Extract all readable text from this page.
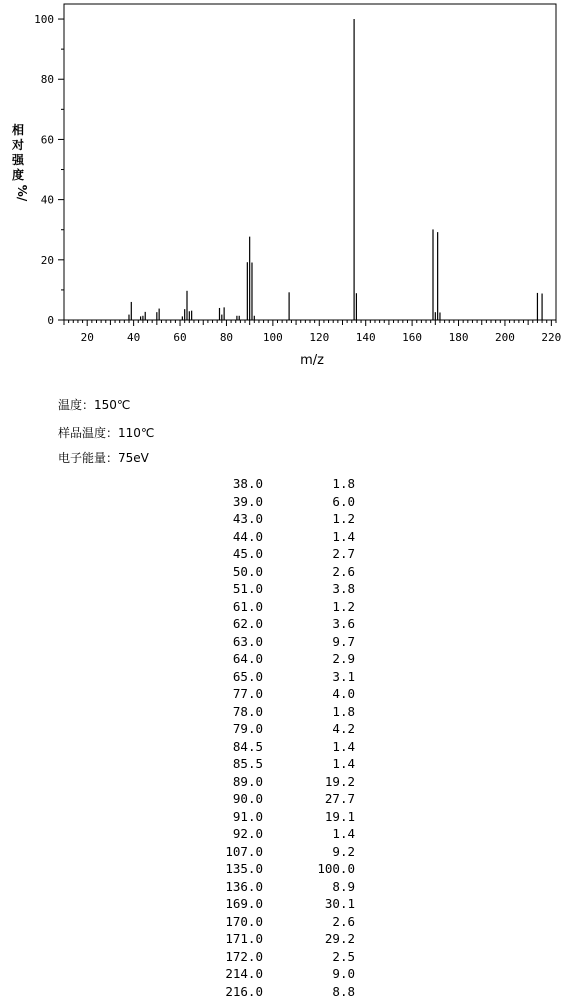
相
对
强
度
%/
0
20
40
60
80
100
20	40	60	80	100 120 140 160 180 200 220
m/z
温度：150℃
样品温度：110℃
电子能量：75eV
38.0	1.8
39.0	6.0
43.0	1.2
44.0	1.4
45.0	2.7
50.0	2.6
51.0	3.8
61.0	1.2
62.0	3.6
63.0	9.7
64.0	2.9
65.0	3.1
77.0	4.0
78.0	1.8
79.0	4.2
84.5	1.4
85.5	1.4
89.0	19.2
90.0	27.7
91.0	19.1
92.0	1.4
107.0	9.2
135.0	100.0
136.0	8.9
169.0	30.1
170.0	2.6
171.0	29.2
172.0	2.5
214.0	9.0
216.0	8.8
